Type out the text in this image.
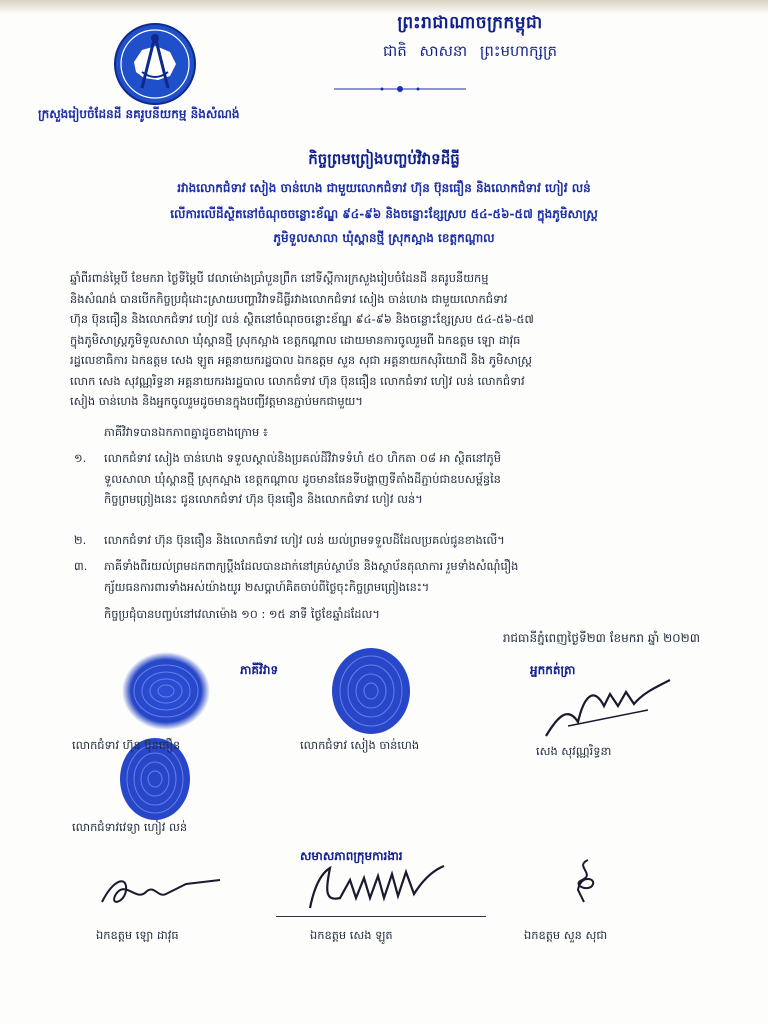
ក្រសួងរៀបចំដែនដី នគរូបនីយកម្ម និងសំណង់
ព្រះរាជាណាចក្រកម្ពុជា
ជាតិ សាសនា ព្រះមហាក្សត្រ
កិច្ចព្រមព្រៀងបញ្ចប់វិវាទដីធ្លី
រវាងលោកជំទាវ សៀង ចាន់ហេង ជាមួយលោកជំទាវ ហ៊ុន ប៊ុនធឿន និងលោកជំទាវ ហៀវ លន់
លើការលើដីស្ថិតនៅចំណុចចន្លោះខ័ណ្ឌ ៩៤-៩៦ និងចន្លោះខ្សែស្រប ៥៤-៥៦-៥៧ ក្នុងភូមិសាស្រ្ត
ភូមិទួលសាលា ឃុំស្ពានថ្មី ស្រុកស្អាង ខេត្តកណ្តាល
ឆ្នាំពីរពាន់ម្ភៃបី ខែមករា ថ្ងៃទីម្ភៃបី វេលាម៉ោងប្រាំបួនព្រឹក នៅទីស្តីការក្រសួងរៀបចំដែនដី នគរូបនីយកម្ម
និងសំណង់ បានបើកកិច្ចប្រជុំដោះស្រាយបញ្ហាវិវាទដីធ្លីរវាងលោកជំទាវ សៀង ចាន់ហេង ជាមួយលោកជំទាវ
ហ៊ុន ប៊ុនធឿន និងលោកជំទាវ ហៀវ លន់ ស្ថិតនៅចំណុចចន្លោះខ័ណ្ឌ ៩៤-៩៦ និងចន្លោះខ្សែស្រប ៥៤-៥៦-៥៧
ក្នុងភូមិសាស្រ្តភូមិទួលសាលា ឃុំស្ពានថ្មី ស្រុកស្អាង ខេត្តកណ្តាល ដោយមានការចូលរួមពី ឯកឧត្តម ឡោ ដាវុធ
រដ្ឋលេខាធិការ ឯកឧត្តម សេង ឡូត អគ្គនាយករដ្ឋបាល ឯកឧត្តម សួន សុជា អគ្គនាយកសុរិយោដី និង ភូមិសាស្ត្រ
លោក សេង សុវណ្ណរិទ្ធនា អគ្គនាយករងរដ្ឋបាល លោកជំទាវ ហ៊ុន ប៊ុនធឿន លោកជំទាវ ហៀវ លន់ លោកជំទាវ
សៀង ចាន់ហេង និងអ្នកចូលរួមដូចមានក្នុងបញ្ជីវត្តមានភ្ជាប់មកជាមួយ។
ភាគីវិវាទបានឯកភាពគ្នាដូចខាងក្រោម ៖
១.	លោកជំទាវ សៀង ចាន់ហេង ទទួលស្គាល់និងប្រគល់ដីវិវាទទំហំ ៥០ ហិកតា ០៨ អា ស្ថិតនៅភូមិ
ទួលសាលា ឃុំស្ពានថ្មី ស្រុកស្អាង ខេត្តកណ្តាល ដូចមានផែនទីបង្ហាញទីតាំងដីភ្ជាប់ជាឧបសម្ព័ន្ធនៃ
កិច្ចព្រមព្រៀងនេះ ជូនលោកជំទាវ ហ៊ុន ប៊ុនធឿន និងលោកជំទាវ ហៀវ លន់។
២.	លោកជំទាវ ហ៊ុន ប៊ុនធឿន និងលោកជំទាវ ហៀវ លន់ យល់ព្រមទទួលដីដែលប្រគល់ជូនខាងលើ។
៣.	ភាគីទាំងពីរយល់ព្រមដកពាក្យប្តឹងដែលបានដាក់នៅគ្រប់ស្ថាប័ន និងស្ថាប័នតុលាការ រួមទាំងសំណុំរឿង
ក្ស័យធនការពារទាំងអស់យ៉ាងយូរ ២សប្តាហ៍គិតចាប់ពីថ្ងៃចុះកិច្ចព្រមព្រៀងនេះ។
កិច្ចប្រជុំបានបញ្ចប់នៅវេលាម៉ោង ១០ : ១៥ នាទី ថ្ងៃខែឆ្នាំដដែល។
រាជធានីភ្នំពេញថ្ងៃទី២៣ ខែមករា ឆ្នាំ ២០២៣
ភាគីវិវាទ	អ្នកកត់ត្រា
សមាសភាពក្រុមការងារ
លោកជំទាវ ហ៊ុន ប៊ុនធឿន	លោកជំទាវ សៀង ចាន់ហេង	សេង សុវណ្ណរិទ្ធនា
លោកជំទាវវេទ្យា ហៀវ លន់
ឯកឧត្តម ឡោ ដាវុធ	ឯកឧត្តម សេង ឡូត	ឯកឧត្តម សួន សុជា
